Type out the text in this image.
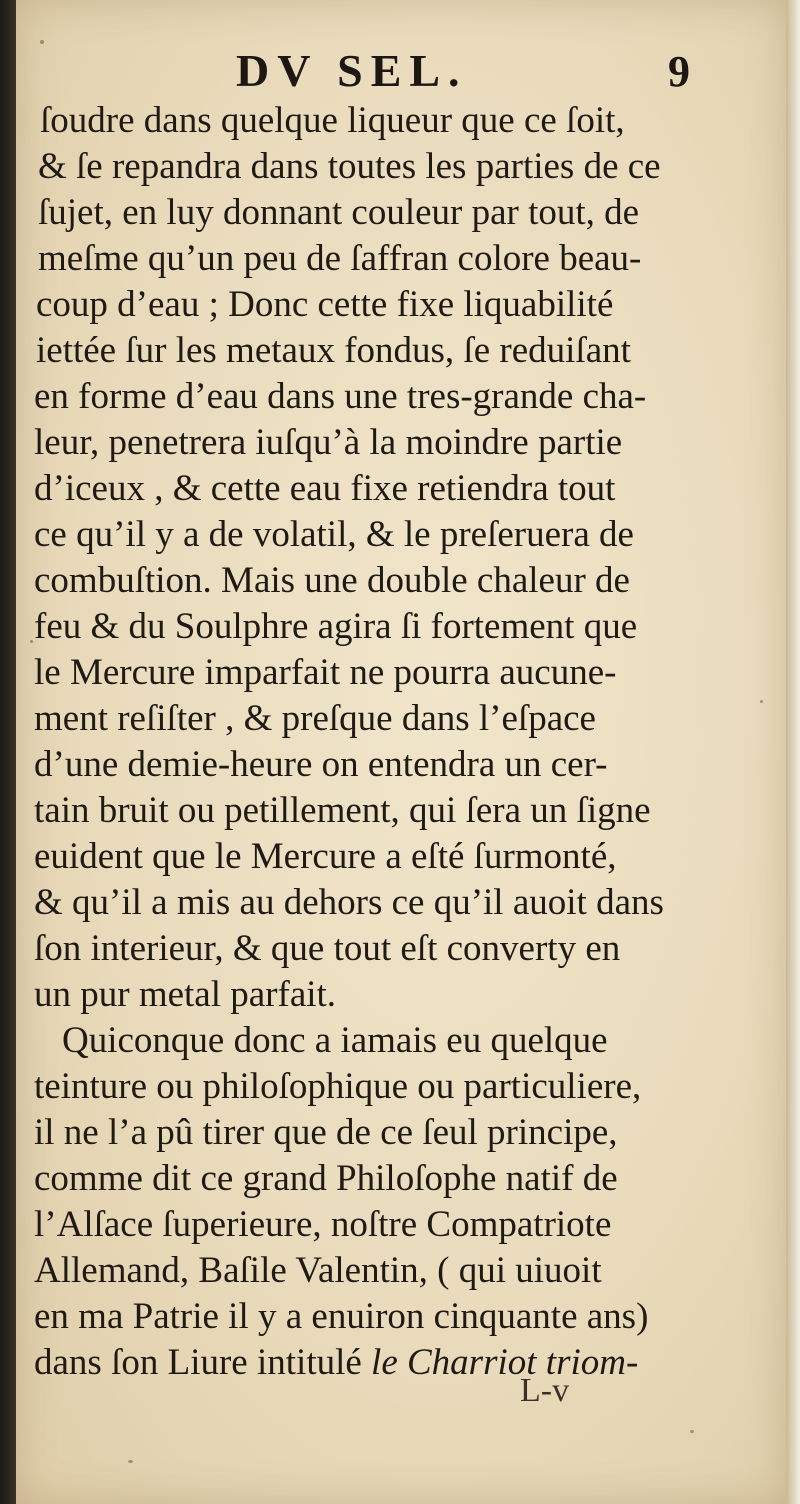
DV SEL.	9
ſoudre dans quelque liqueur que ce ſoit,
& ſe repandra dans toutes les parties de ce
ſujet, en luy donnant couleur par tout, de
meſme qu’un peu de ſaffran colore beau-
coup d’eau ; Donc cette fixe liquabilité
iettée ſur les metaux fondus, ſe reduiſant
en forme d’eau dans une tres-grande cha-
leur, penetrera iuſqu’à la moindre partie
d’iceux , & cette eau fixe retiendra tout
ce qu’il y a de volatil, & le preſeruera de
combuſtion. Mais une double chaleur de
feu & du Soulphre agira ſi fortement que
le Mercure imparfait ne pourra aucune-
ment reſiſter , & preſque dans l’eſpace
d’une demie-heure on entendra un cer-
tain bruit ou petillement, qui ſera un ſigne
euident que le Mercure a eſté ſurmonté,
& qu’il a mis au dehors ce qu’il auoit dans
ſon interieur, & que tout eſt converty en
un pur metal parfait.
Quiconque donc a iamais eu quelque
teinture ou philoſophique ou particuliere,
il ne l’a pû tirer que de ce ſeul principe,
comme dit ce grand Philoſophe natif de
l’Alſace ſuperieure, noſtre Compatriote
Allemand, Baſile Valentin, ( qui uiuoit
en ma Patrie il y a enuiron cinquante ans)
dans ſon Liure intitulé le Charriot triom-
L-v
